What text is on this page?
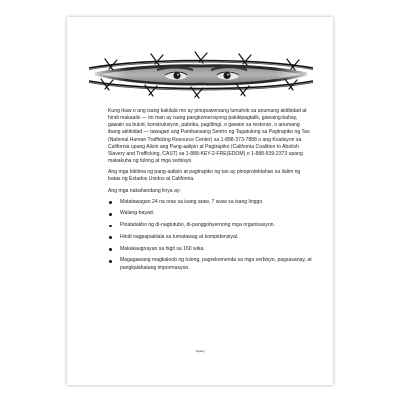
Kung ikaw o ang isang kakilala mo ay pinupuwersang lumahok sa anumang aktibidad at hindi makaalis — ito man ay isang pangkomersiyong pakikipagtalik, gawaing-bahay, gawain sa bukid, konstruksiyon, pabrika, pagtitingi, o gawain sa restoran, o anumang ibang aktibidad — tawagan ang Pambansang Sentro ng Tagatulong sa Pagtrapiko ng Tao (National Human Trafficking Resource Center) sa 1-888-373-7888 o ang Koalisyon sa California upang Alisin ang Pang-aalipin at Pagtrapiko (California Coalition to Abolish Slavery and Trafficking, CAST) sa 1-888-KEY-2-FRE(EDOM) o 1-888-539-2373 upang makakuha ng tulong at mga serbisyo.

Ang mga biktima ng pang-aalipin at pagtrapiko ng tao ay pinoprotektahan sa ilalim ng batas ng Estados Unidos at California.

Ang mga nakahandang linya ay:

Matatawagan 24 na oras sa isang araw, 7 araw sa isang linggo.
Walang-bayad.
Pinatatakbo ng di-nagtutubo, di-panggobyernong mga organisasyon.
Hindi nagpapakilala sa tumatawag at kompidensiyal.
Makakaugnayan sa higit sa 160 wika.
Magagawang magkaloob ng tulong, pagrekomenda sa mga serbisyo, pagsasanay, at pangkalahatang impormasyon.
Tagalog
